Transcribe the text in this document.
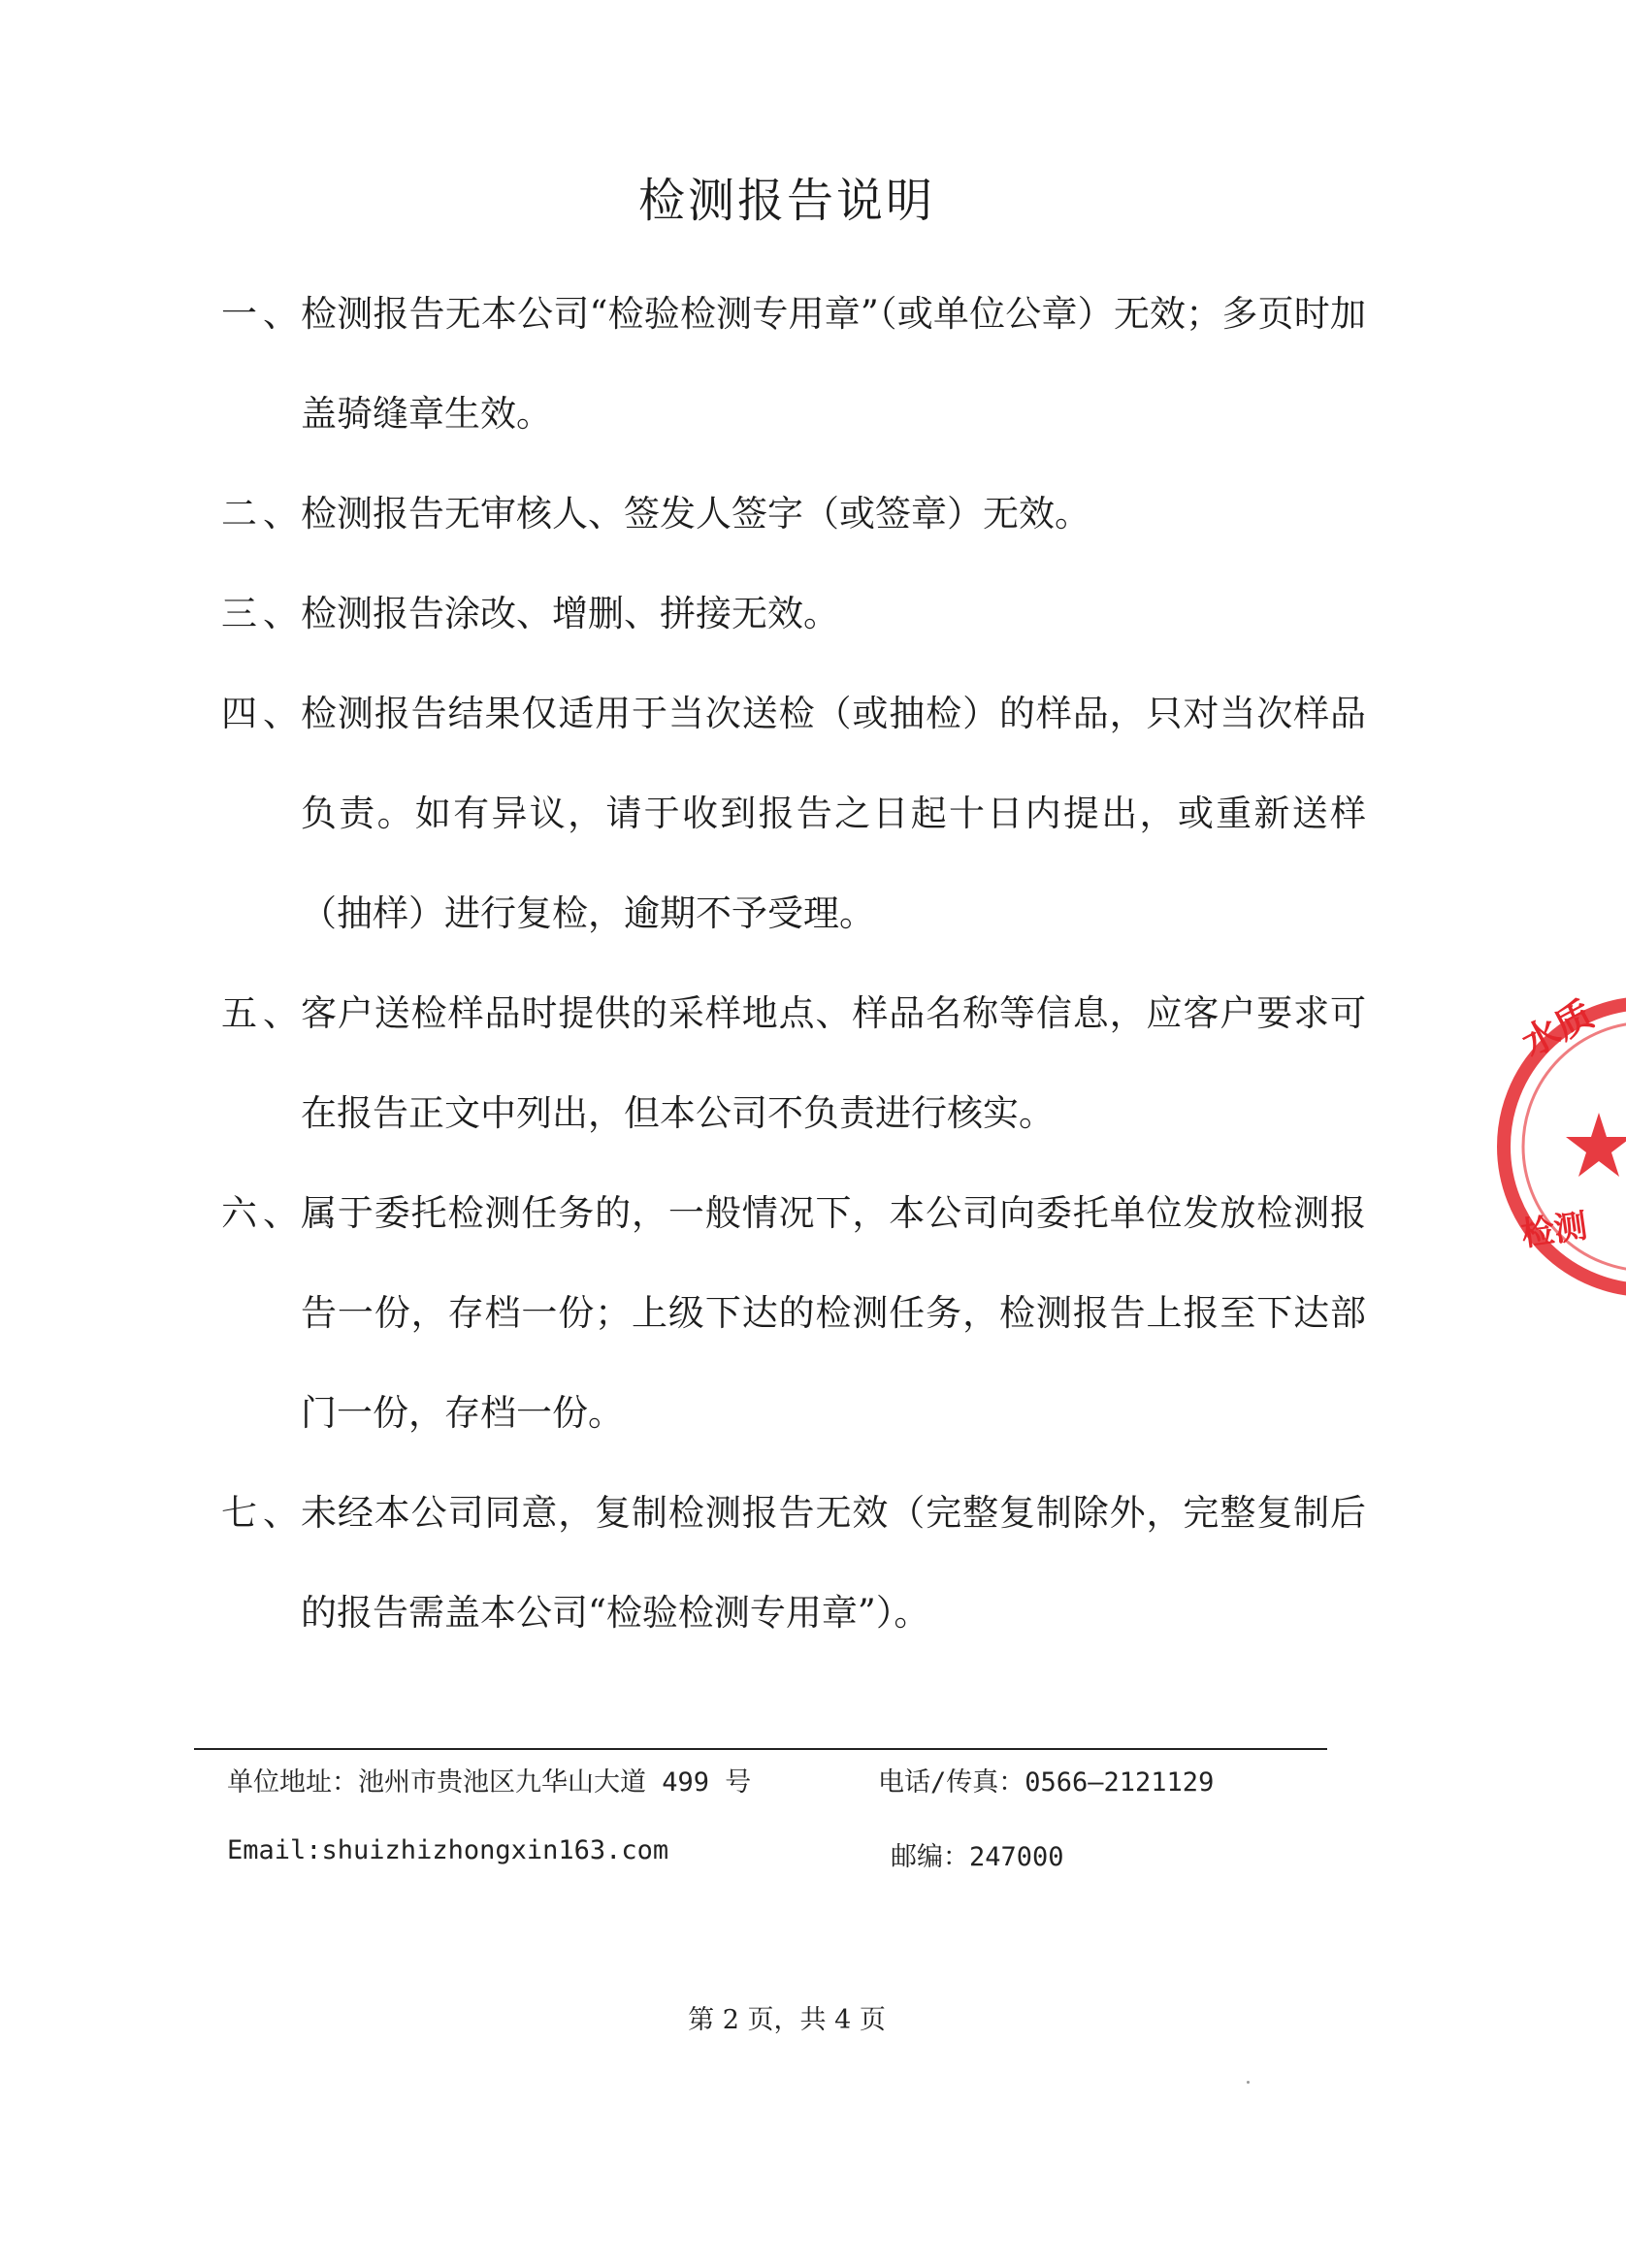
检测报告说明
一、
检测报告无本公司“检验检测专用章”（或单位公章）无效；多页时加盖骑缝章生效。
二、
检测报告无审核人、签发人签字（或签章）无效。
三、
检测报告涂改、增删、拼接无效。
四、
检测报告结果仅适用于当次送检（或抽检）的样品，只对当次样品负责。如有异议，请于收到报告之日起十日内提出，或重新送样（抽样）进行复检，逾期不予受理。
五、
客户送检样品时提供的采样地点、样品名称等信息，应客户要求可在报告正文中列出，但本公司不负责进行核实。
六、
属于委托检测任务的，一般情况下，本公司向委托单位发放检测报告一份，存档一份；上级下达的检测任务，检测报告上报至下达部门一份，存档一份。
七、
未经本公司同意，复制检测报告无效（完整复制除外，完整复制后的报告需盖本公司“检验检测专用章”）。
单位地址：池州市贵池区九华山大道 499 号	电话/传真：0566—2121129
Email:shuizhizhongxin163.com	邮编：247000
第 2 页，共 4 页
水质
检测
